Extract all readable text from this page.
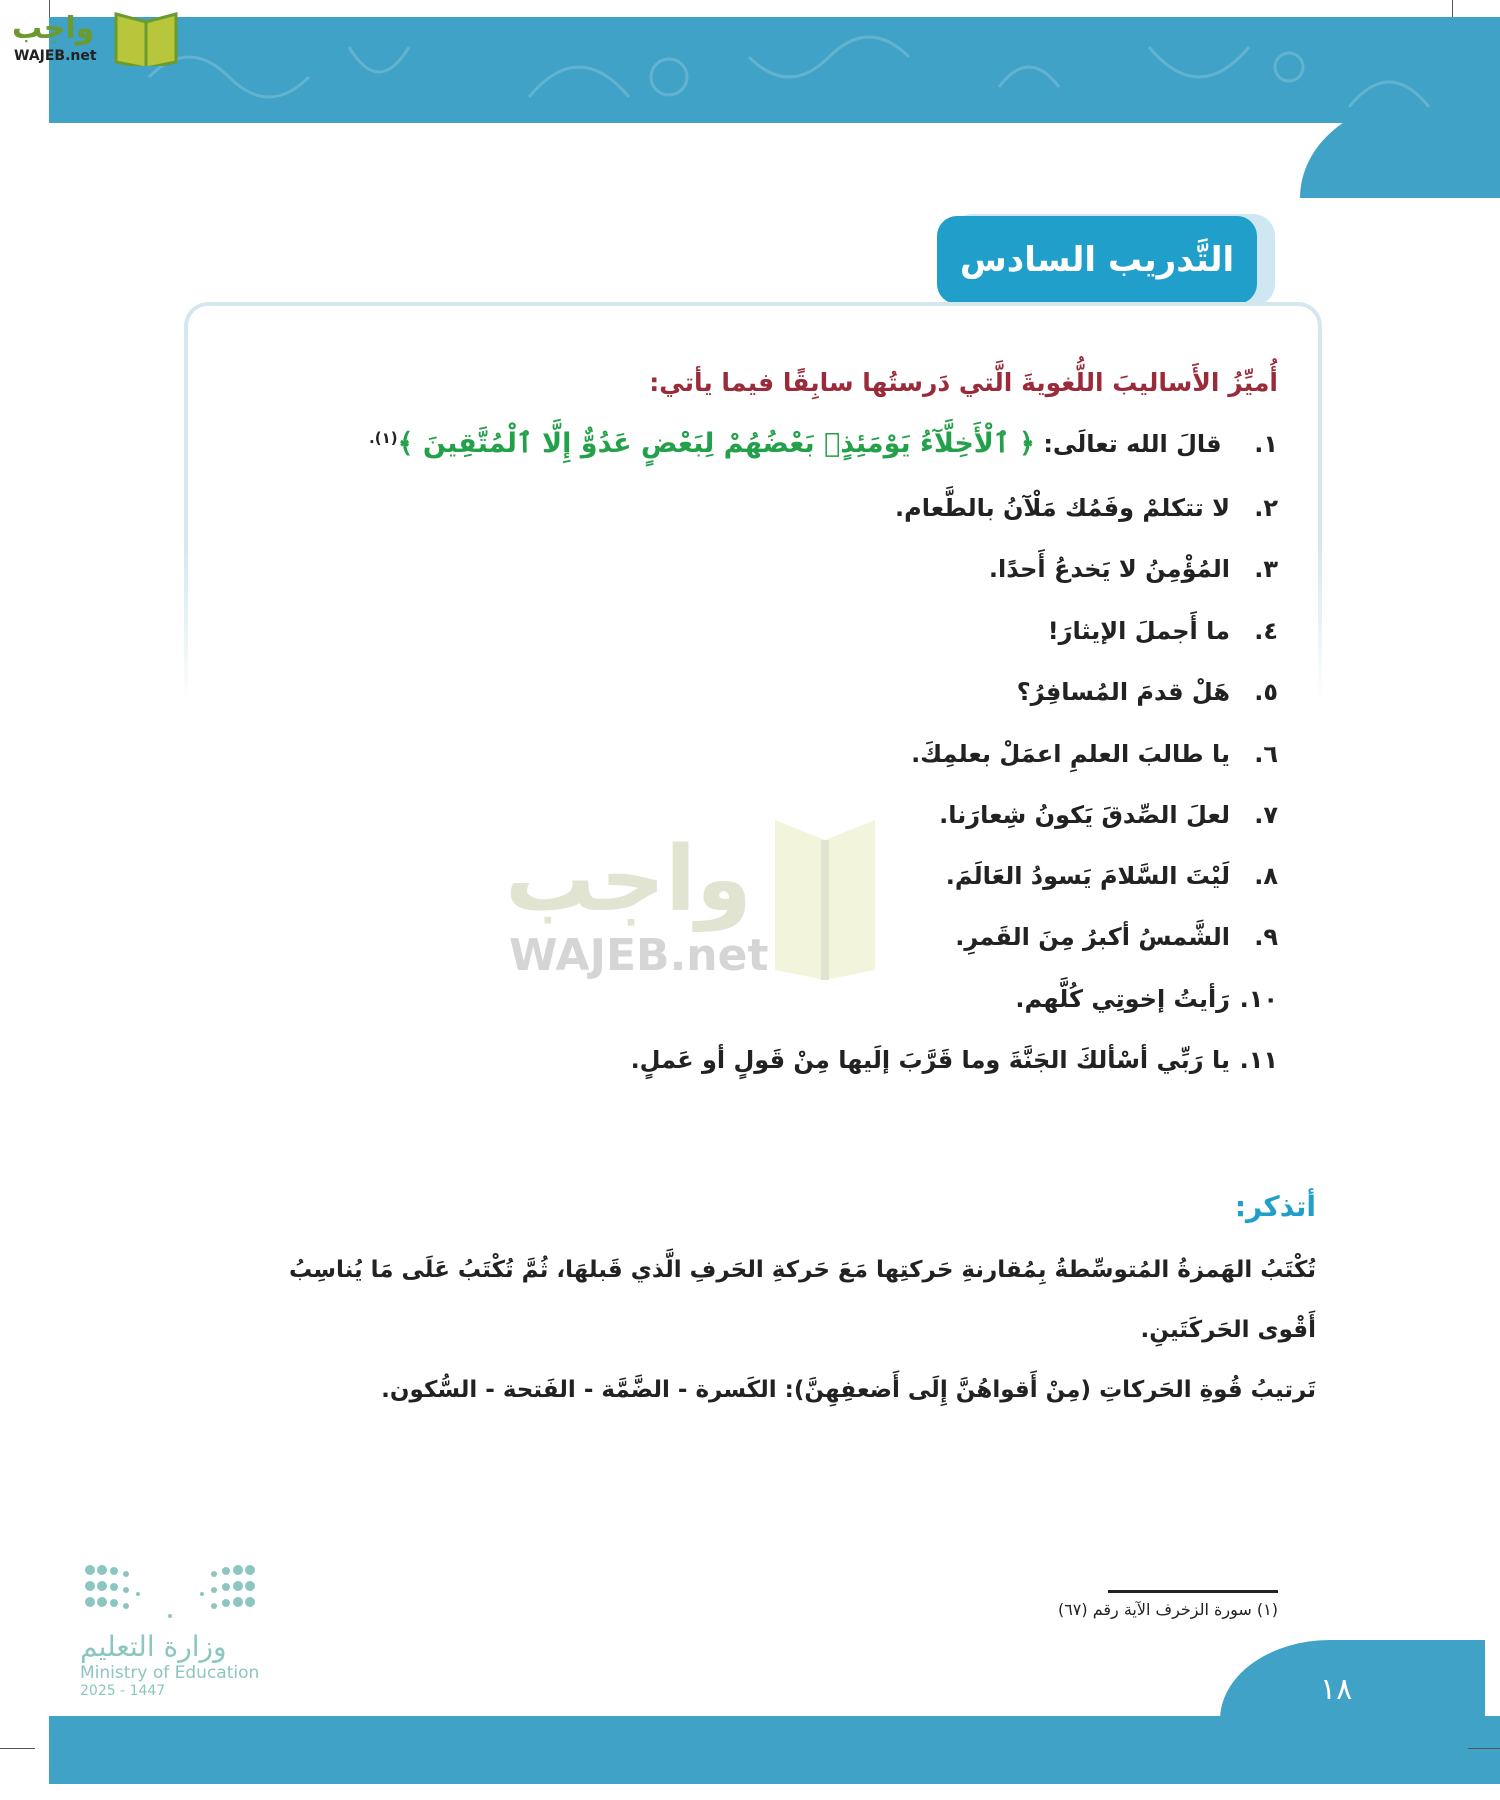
واجب
WAJEB.net
التَّدريب السادس
أُميِّزُ الأَساليبَ اللُّغويةَ الَّتي دَرستُها سابِقًا فيما يأتي:
١. قالَ الله تعالَى: ﴿ ٱلْأَخِلَّآءُ يَوْمَئِذٍۭ بَعْضُهُمْ لِبَعْضٍ عَدُوٌّ إِلَّا ٱلْمُتَّقِينَ ﴾$^{(١).}$
٢.لا تتكلمْ وفَمُك مَلْآنُ بالطَّعام.
٣.المُؤْمِنُ لا يَخدعُ أَحدًا.
٤.ما أَجملَ الإيثارَ!
٥.هَلْ قدمَ المُسافِرُ؟
٦.يا طالبَ العلمِ اعمَلْ بعلمِكَ.
٧.لعلَ الصِّدقَ يَكونُ شِعارَنا.
٨.لَيْتَ السَّلامَ يَسودُ العَالَمَ.
٩.الشَّمسُ أكبرُ مِنَ القَمرِ.
١٠.رَأيتُ إخوتِي كُلَّهم.
١١.يا رَبِّي أسْألكَ الجَنَّةَ وما قَرَّبَ إلَيها مِنْ قَولٍ أو عَملٍ.
واجب
WAJEB.net
أتذكر:
تُكْتَبُ الهَمزةُ المُتوسِّطةُ بِمُقارنةِ حَركتِها مَعَ حَركةِ الحَرفِ الَّذي قَبلهَا، ثُمَّ تُكْتَبُ عَلَى مَا يُناسِبُ أَقْوى الحَركَتَينِ.
تَرتيبُ قُوةِ الحَركاتِ (مِنْ أَقواهُنَّ إِلَى أَضعفِهِنَّ): الكَسرة - الضَّمَّة - الفَتحة - السُّكون.
(١) سورة الزخرف الآية رقم (٦٧)
وزارة التعليم
Ministry of Education
2025 - 1447	١٨
